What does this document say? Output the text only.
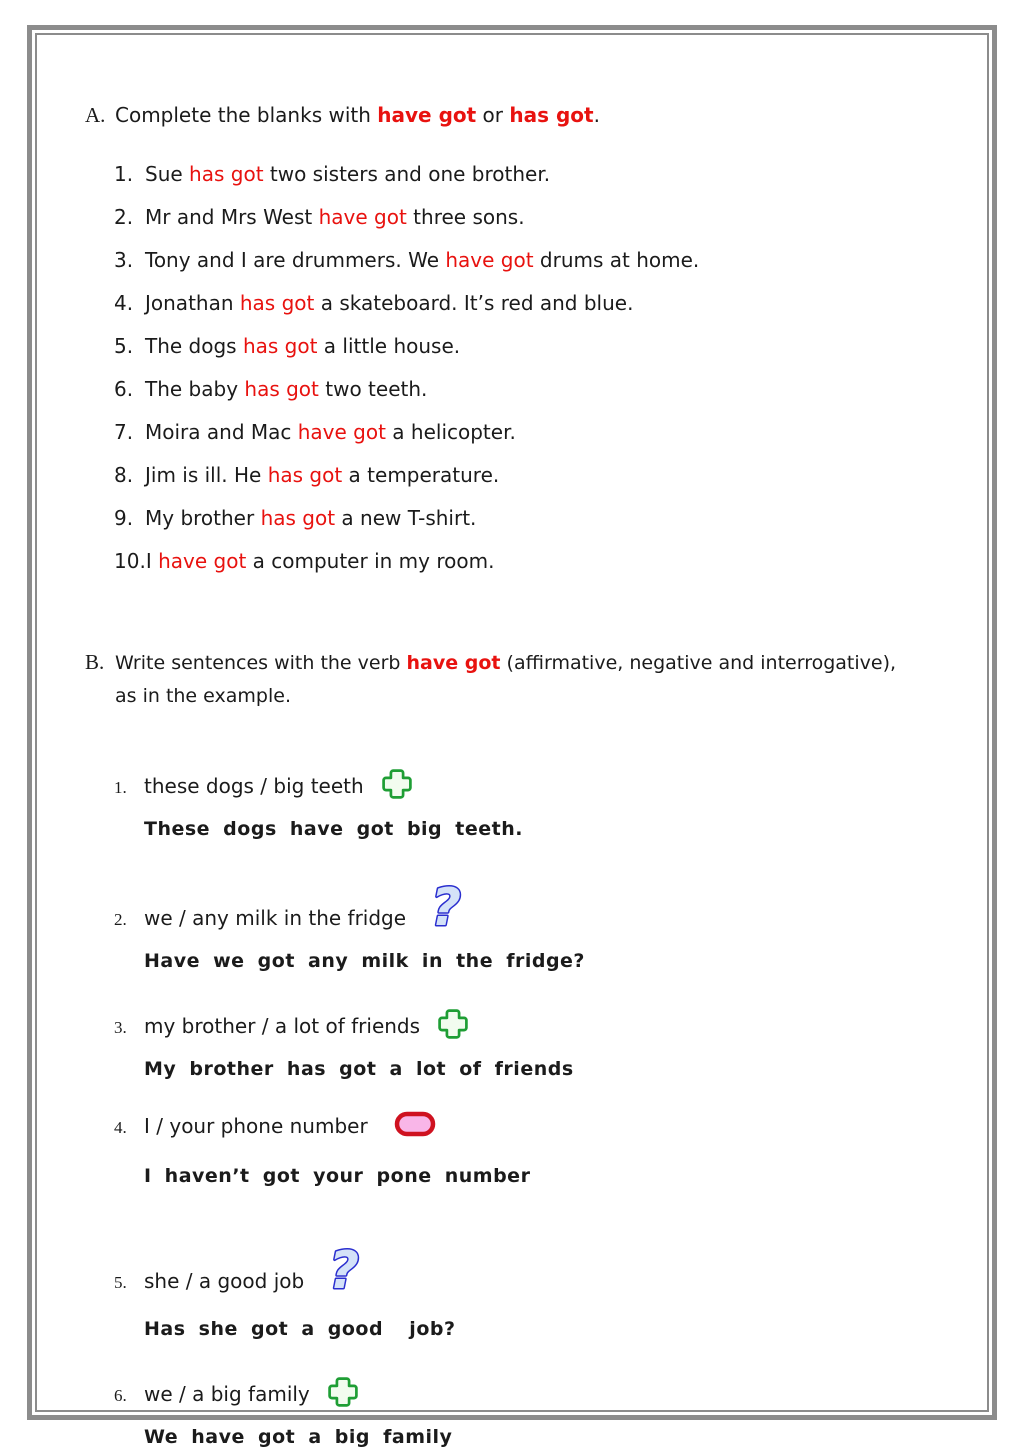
A. Complete the blanks with have got or has got.
1. Sue has got two sisters and one brother.
2. Mr and Mrs West have got three sons.
3. Tony and I are drummers. We have got drums at home.
4. Jonathan has got a skateboard. It’s red and blue.
5. The dogs has got a little house.
6. The baby has got two teeth.
7. Moira and Mac have got a helicopter.
8. Jim is ill. He has got a temperature.
9. My brother has got a new T-shirt.
10. I have got a computer in my room.
B. Write sentences with the verb have got (affirmative, negative and interrogative),
as in the example.
1. these dogs / big teeth
These dogs have got big teeth.
2. we / any milk in the fridge ?
Have we got any milk in the fridge?
3. my brother / a lot of friends
My brother has got a lot of friends
4. I / your phone number
I haven’t got your pone number
5. she / a good job ?
Has she got a good  job?
6. we / a big family
We have got a big family
